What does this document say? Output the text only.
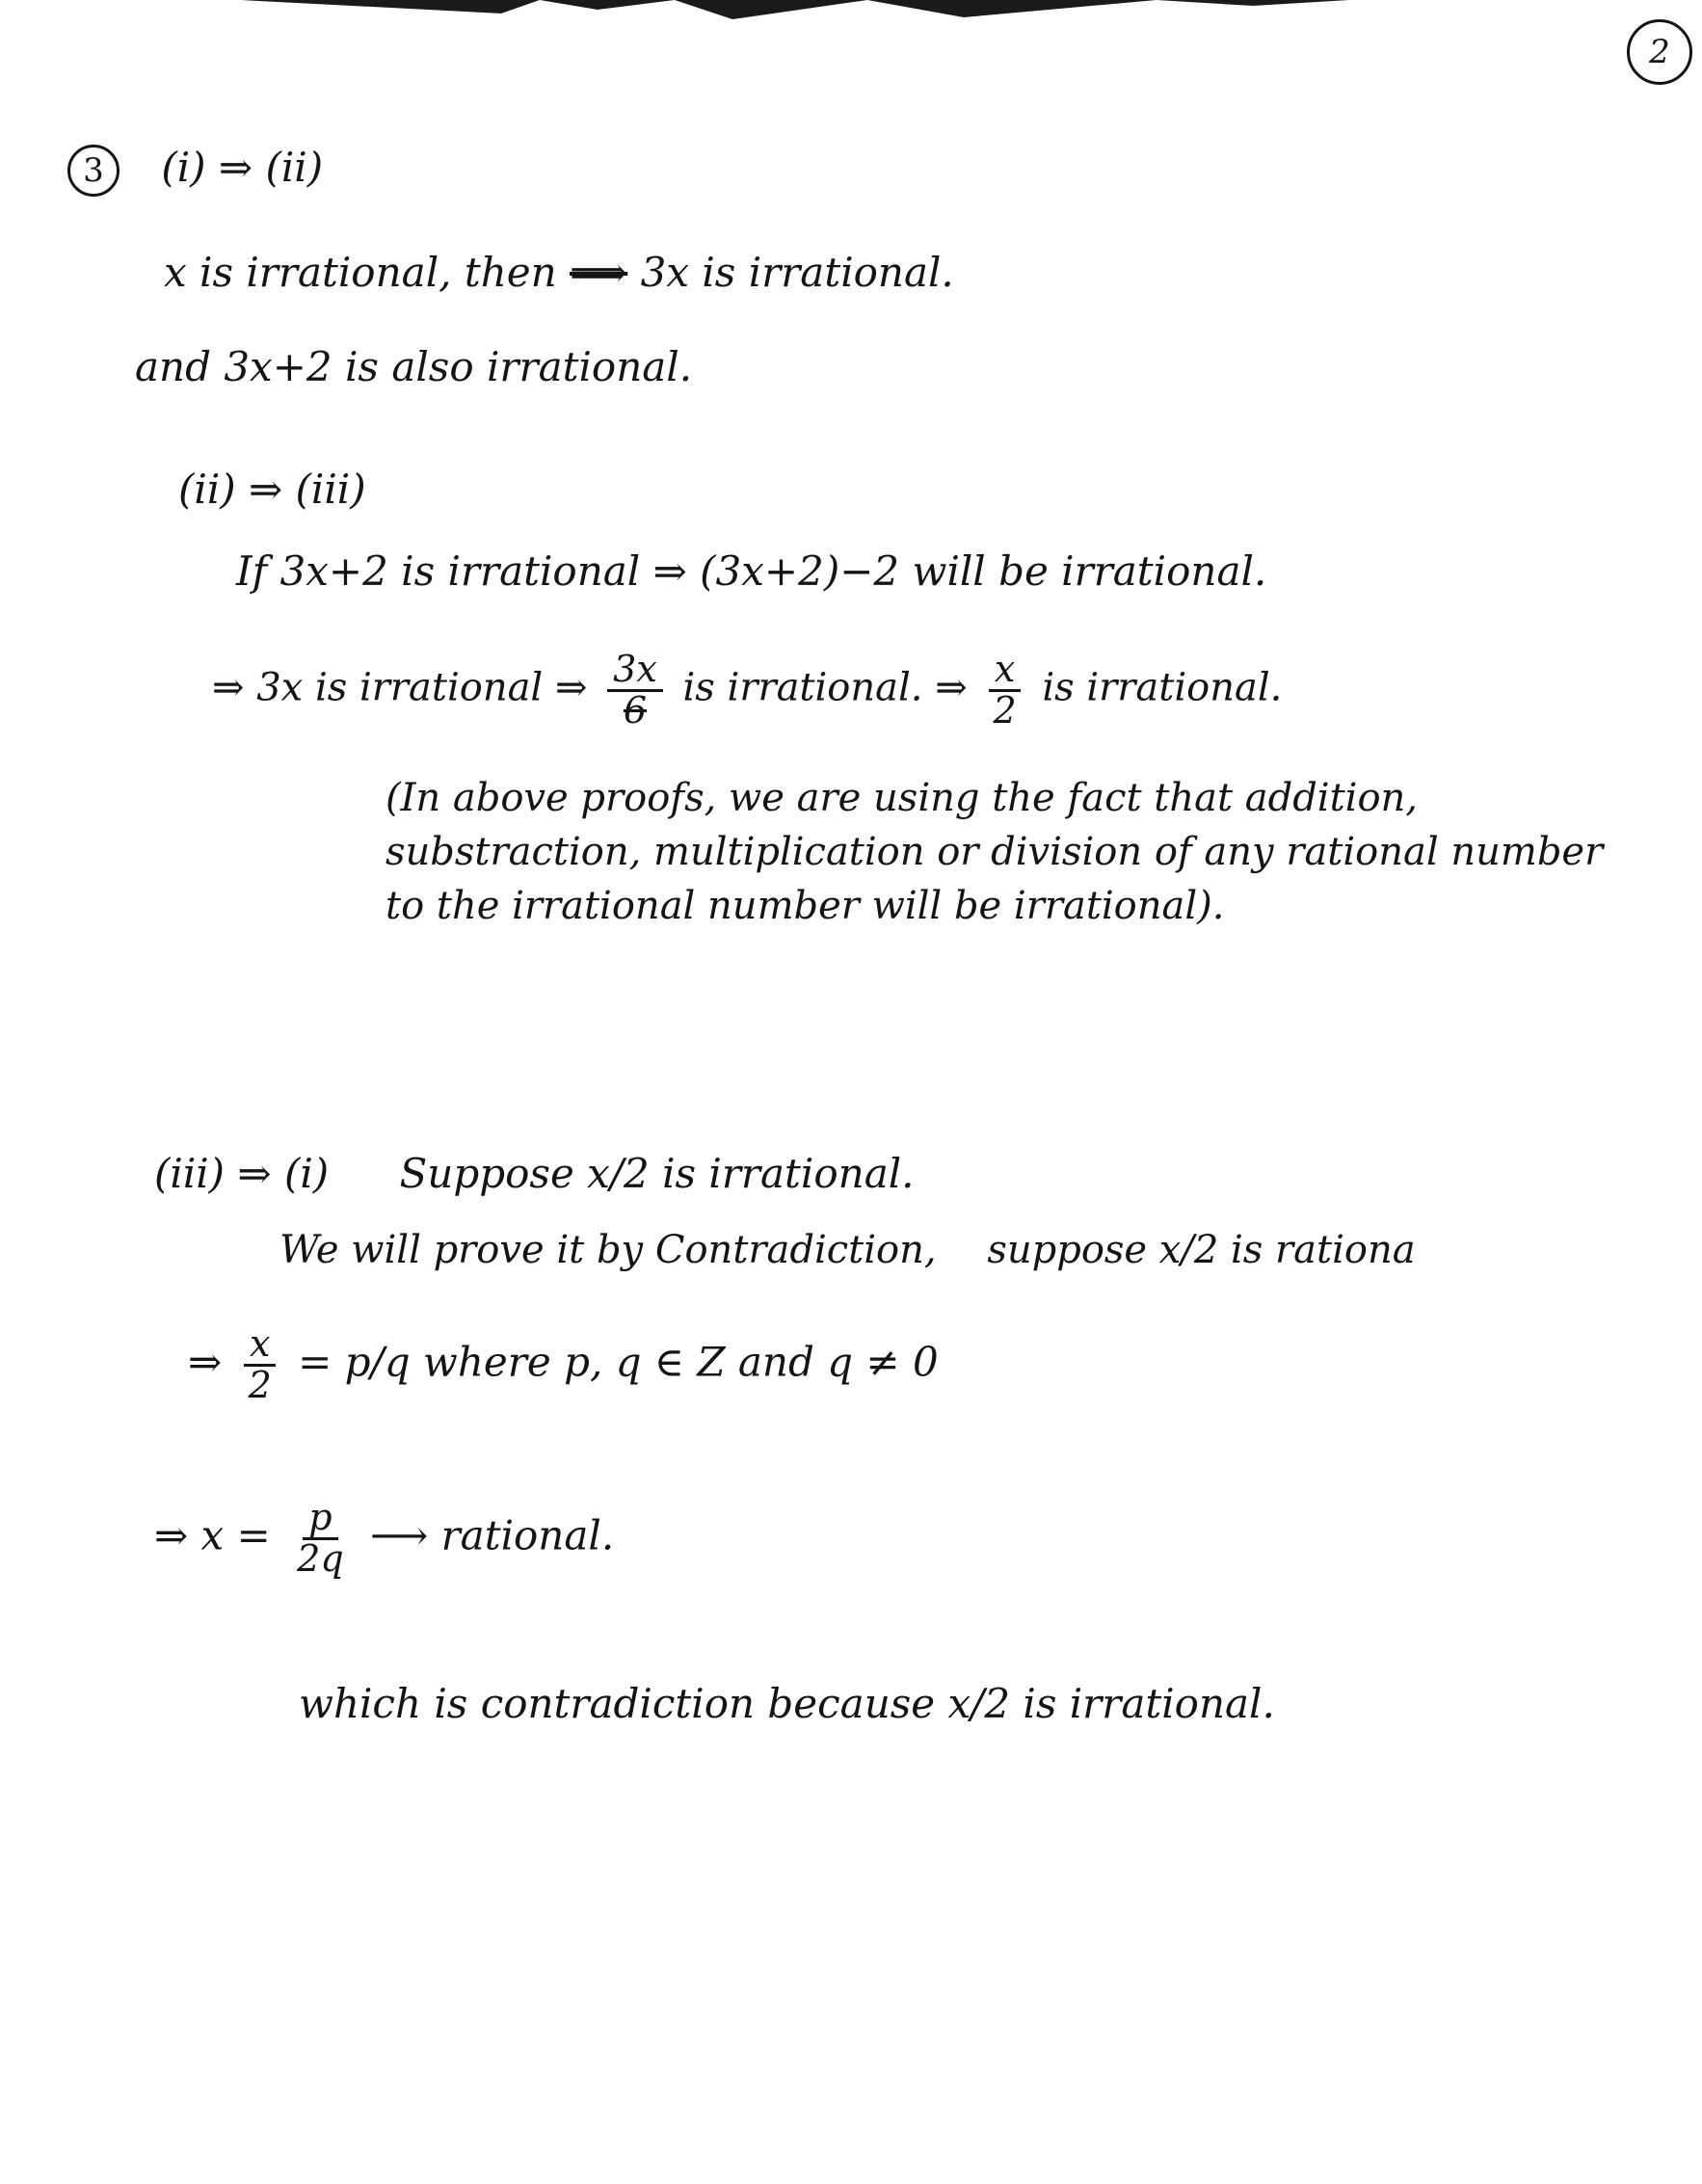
2
3 (i) ⇒ (ii)
x is irrational, then ⟹ 3x is irrational.
and 3x+2 is also irrational.
(ii) ⇒ (iii)
If 3x+2 is irrational ⇒ (3x+2)−2 will be irrational.
⇒ 3x is irrational ⇒ $\frac{3x}{6}$ is irrational. ⇒ $\frac{x}{2}$ is irrational.
(In above proofs, we are using the fact that addition, substraction, multiplication or division of any rational number to the irrational number will be irrational).
(iii) ⇒ (i) Suppose x/2 is irrational.
We will prove it by Contradiction, suppose x/2 is rationa
⇒ $\frac{x}{2} = p/q$ where p, q ∈ Z and q ≠ 0
⇒ $x = \frac{p}{2q}$ ⟶ rational.
which is contradiction because x/2 is irrational.
